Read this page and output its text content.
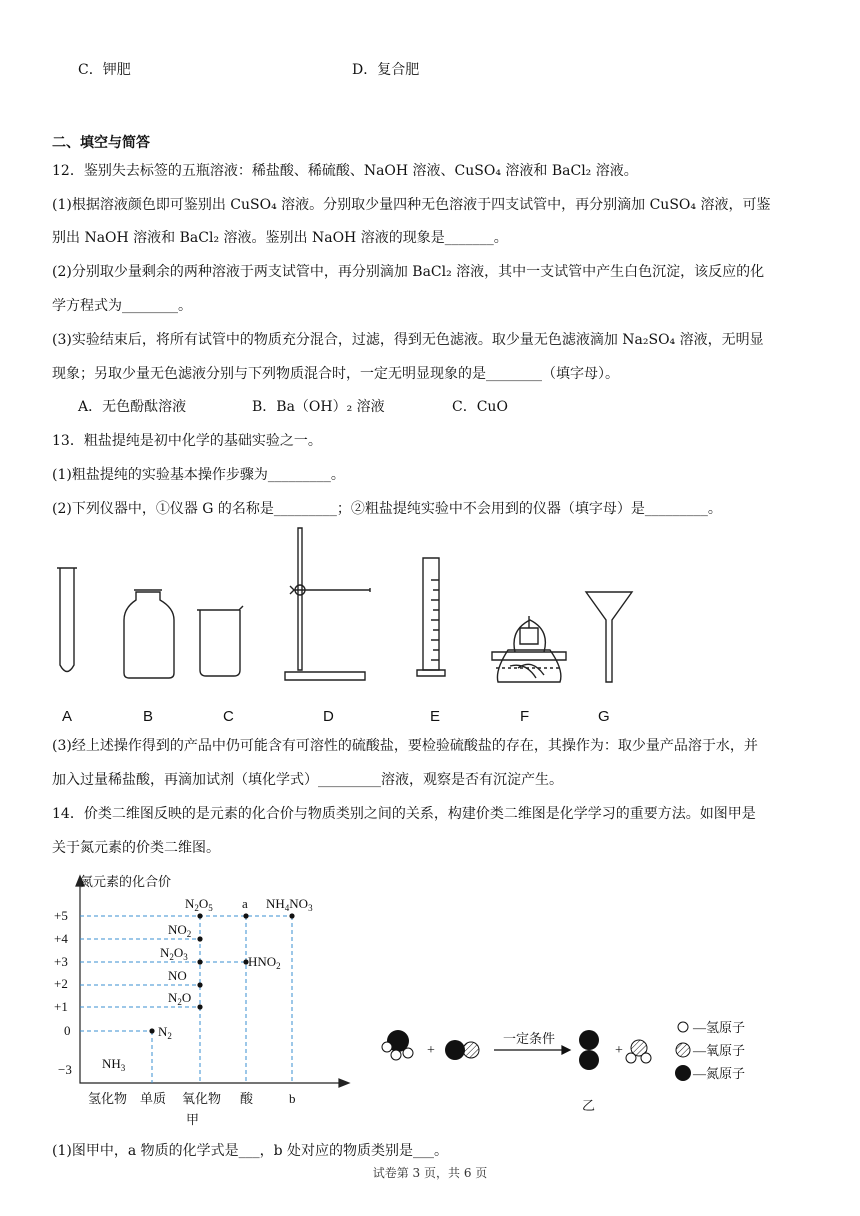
C．钾肥	D．复合肥
二、填空与简答
12．鉴别失去标签的五瓶溶液：稀盐酸、稀硫酸、NaOH 溶液、CuSO₄ 溶液和 BaCl₂ 溶液。
(1)根据溶液颜色即可鉴别出 CuSO₄ 溶液。分别取少量四种无色溶液于四支试管中，再分别滴加 CuSO₄ 溶液，可鉴
别出 NaOH 溶液和 BaCl₂ 溶液。鉴别出 NaOH 溶液的现象是_______。
(2)分别取少量剩余的两种溶液于两支试管中，再分别滴加 BaCl₂ 溶液，其中一支试管中产生白色沉淀，该反应的化
学方程式为________。
(3)实验结束后，将所有试管中的物质充分混合，过滤，得到无色滤液。取少量无色滤液滴加 Na₂SO₄ 溶液，无明显
现象；另取少量无色滤液分别与下列物质混合时，一定无明显现象的是________（填字母）。
A．无色酚酞溶液	B．Ba（OH）₂ 溶液	C．CuO
13．粗盐提纯是初中化学的基础实验之一。
(1)粗盐提纯的实验基本操作步骤为_________。
(2)下列仪器中，①仪器 G 的名称是_________；②粗盐提纯实验中不会用到的仪器（填字母）是_________。
A	B	C	D	E	F	G
(3)经上述操作得到的产品中仍可能含有可溶性的硫酸盐，要检验硫酸盐的存在，其操作为：取少量产品溶于水，并
加入过量稀盐酸，再滴加试剂（填化学式）_________溶液，观察是否有沉淀产生。
14．价类二维图反映的是元素的化合价与物质类别之间的关系，构建价类二维图是化学学习的重要方法。如图甲是
关于氮元素的价类二维图。
氮元素的化合价
+5
+4
+3
+2
+1
0
−3
$N_2O_5$ a $NH_4NO_3$
$NO_2$
$N_2O_3$	$HNO_2$
NO
$N_2O$
$N_2$
$NH_3$
氢化物 单质 氧化物 酸	b
甲
+
一定条件
+
—氢原子
—氧原子
—氮原子
乙
(1)图甲中，a 物质的化学式是___，b 处对应的物质类别是___。
试卷第 3 页，共 6 页
